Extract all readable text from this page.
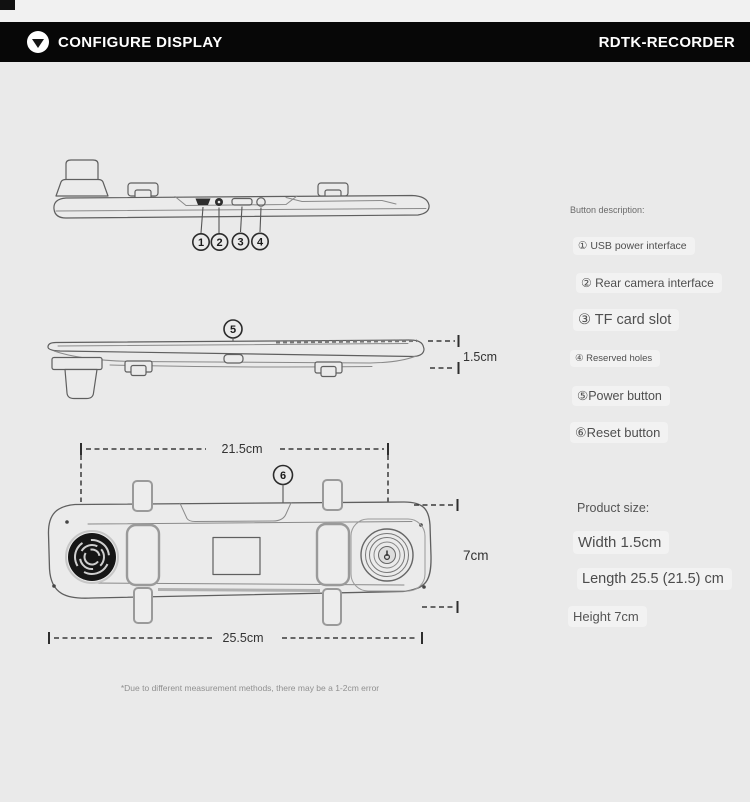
CONFIGURE DISPLAY	RDTK-RECORDER
1 2 3 4
5
1.5cm
21.5cm
6
7cm
25.5cm
Button description:
① USB power interface
② Rear camera interface
③ TF card slot
④ Reserved holes
⑤Power button
⑥Reset button
Product size:
Width 1.5cm
Length 25.5 (21.5) cm
Height 7cm
*Due to different measurement methods, there may be a 1-2cm error
